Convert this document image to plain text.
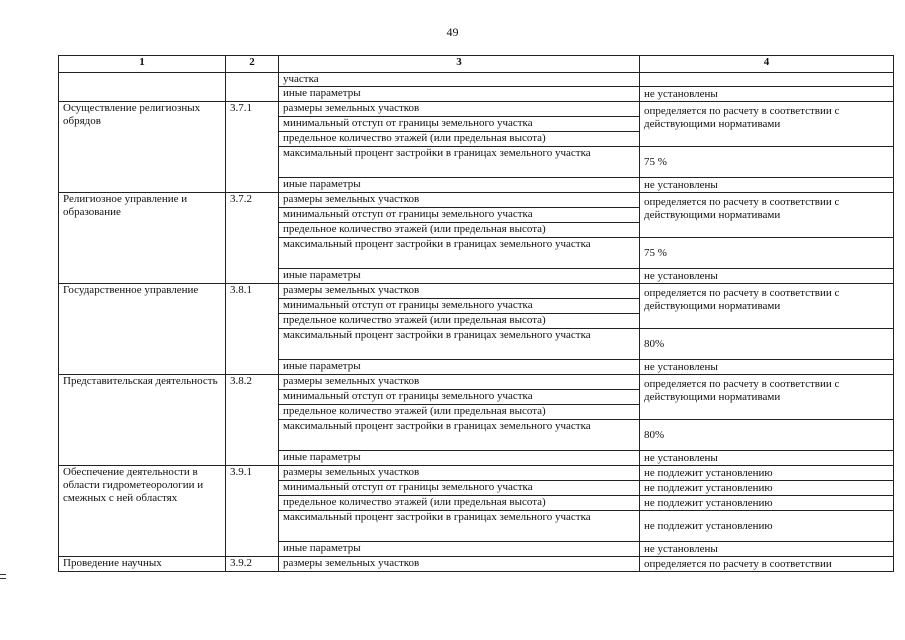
49
1	2	3	4
		участка	
		иные параметры	не установлены
Осуществление религиозных обрядов	3.7.1	размеры земельных участков	определяется по расчету в соответствии с действующими нормативами
		минимальный отступ от границы земельного участка	
		предельное количество этажей (или предельная высота)	
		максимальный процент застройки в границах земельного участка	75 %
		иные параметры	не установлены
Религиозное управление и образование	3.7.2	размеры земельных участков	определяется по расчету в соответствии с действующими нормативами
		минимальный отступ от границы земельного участка	
		предельное количество этажей (или предельная высота)	
		максимальный процент застройки в границах земельного участка	75 %
		иные параметры	не установлены
Государственное управление	3.8.1	размеры земельных участков	определяется по расчету в соответствии с действующими нормативами
		минимальный отступ от границы земельного участка	
		предельное количество этажей (или предельная высота)	
		максимальный процент застройки в границах земельного участка	80%
		иные параметры	не установлены
Представительская деятельность	3.8.2	размеры земельных участков	определяется по расчету в соответствии с действующими нормативами
		минимальный отступ от границы земельного участка	
		предельное количество этажей (или предельная высота)	
		максимальный процент застройки в границах земельного участка	80%
		иные параметры	не установлены
Обеспечение деятельности в области гидрометеорологии и смежных с ней областях	3.9.1	размеры земельных участков	не подлежит установлению
		минимальный отступ от границы земельного участка	не подлежит установлению
		предельное количество этажей (или предельная высота)	не подлежит установлению
		максимальный процент застройки в границах земельного участка	не подлежит установлению
		иные параметры	не установлены
Проведение научных	3.9.2	размеры земельных участков	определяется по расчету в соответствии
